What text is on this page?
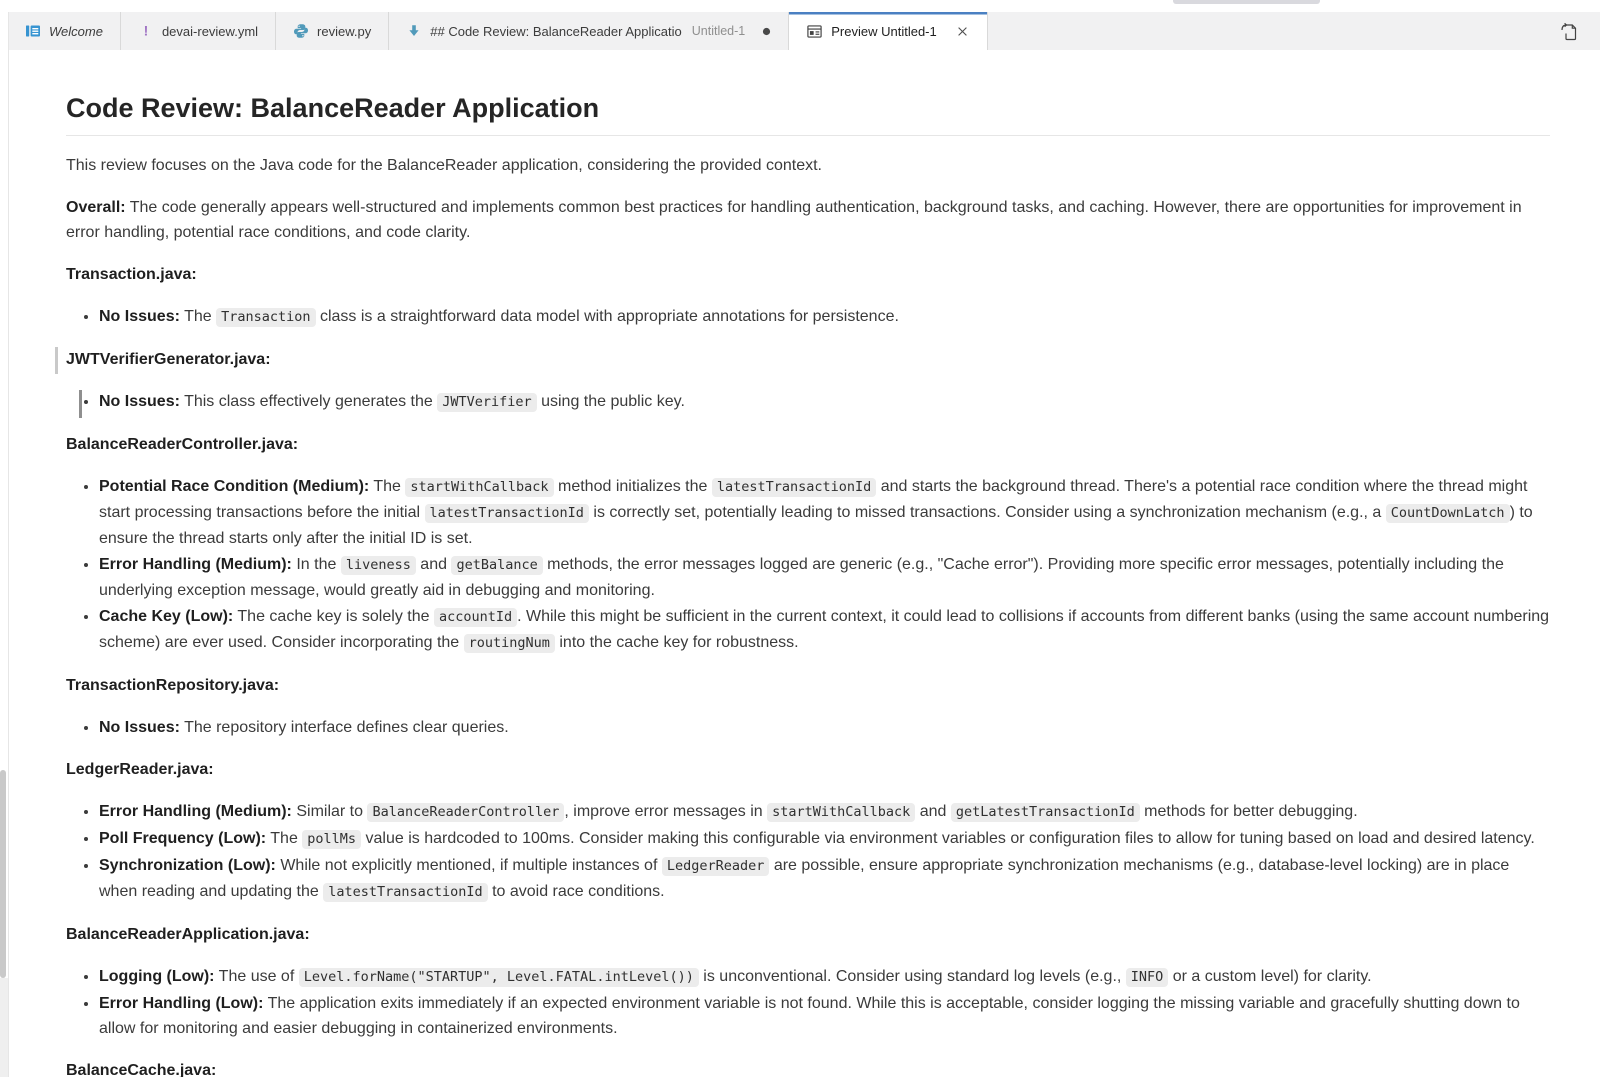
Welcome	! devai-review.yml	review.py	## Code Review: BalanceReader Applicatio Untitled-1	Preview Untitled-1
Code Review: BalanceReader Application

This review focuses on the Java code for the BalanceReader application, considering the provided context.

Overall: The code generally appears well-structured and implements common best practices for handling authentication, background tasks, and caching. However, there are opportunities for improvement in error handling, potential race conditions, and code clarity.

Transaction.java:

• No Issues: The Transaction class is a straightforward data model with appropriate annotations for persistence.

JWTVerifierGenerator.java:

• No Issues: This class effectively generates the JWTVerifier using the public key.

BalanceReaderController.java:

• Potential Race Condition (Medium): The startWithCallback method initializes the latestTransactionId and starts the background thread. There's a potential race condition where the thread might start processing transactions before the initial latestTransactionId is correctly set, potentially leading to missed transactions. Consider using a synchronization mechanism (e.g., a CountDownLatch ) to ensure the thread starts only after the initial ID is set.
• Error Handling (Medium): In the liveness and getBalance methods, the error messages logged are generic (e.g., "Cache error"). Providing more specific error messages, potentially including the underlying exception message, would greatly aid in debugging and monitoring.
• Cache Key (Low): The cache key is solely the accountId . While this might be sufficient in the current context, it could lead to collisions if accounts from different banks (using the same account numbering scheme) are ever used. Consider incorporating the routingNum into the cache key for robustness.

TransactionRepository.java:

• No Issues: The repository interface defines clear queries.

LedgerReader.java:

• Error Handling (Medium): Similar to BalanceReaderController , improve error messages in startWithCallback and getLatestTransactionId methods for better debugging.
• Poll Frequency (Low): The pollMs value is hardcoded to 100ms. Consider making this configurable via environment variables or configuration files to allow for tuning based on load and desired latency.
• Synchronization (Low): While not explicitly mentioned, if multiple instances of LedgerReader are possible, ensure appropriate synchronization mechanisms (e.g., database-level locking) are in place when reading and updating the latestTransactionId to avoid race conditions.

BalanceReaderApplication.java:

• Logging (Low): The use of Level.forName("STARTUP", Level.FATAL.intLevel()) is unconventional. Consider using standard log levels (e.g., INFO or a custom level) for clarity.
• Error Handling (Low): The application exits immediately if an expected environment variable is not found. While this is acceptable, consider logging the missing variable and gracefully shutting down to allow for monitoring and easier debugging in containerized environments.

BalanceCache.java:
